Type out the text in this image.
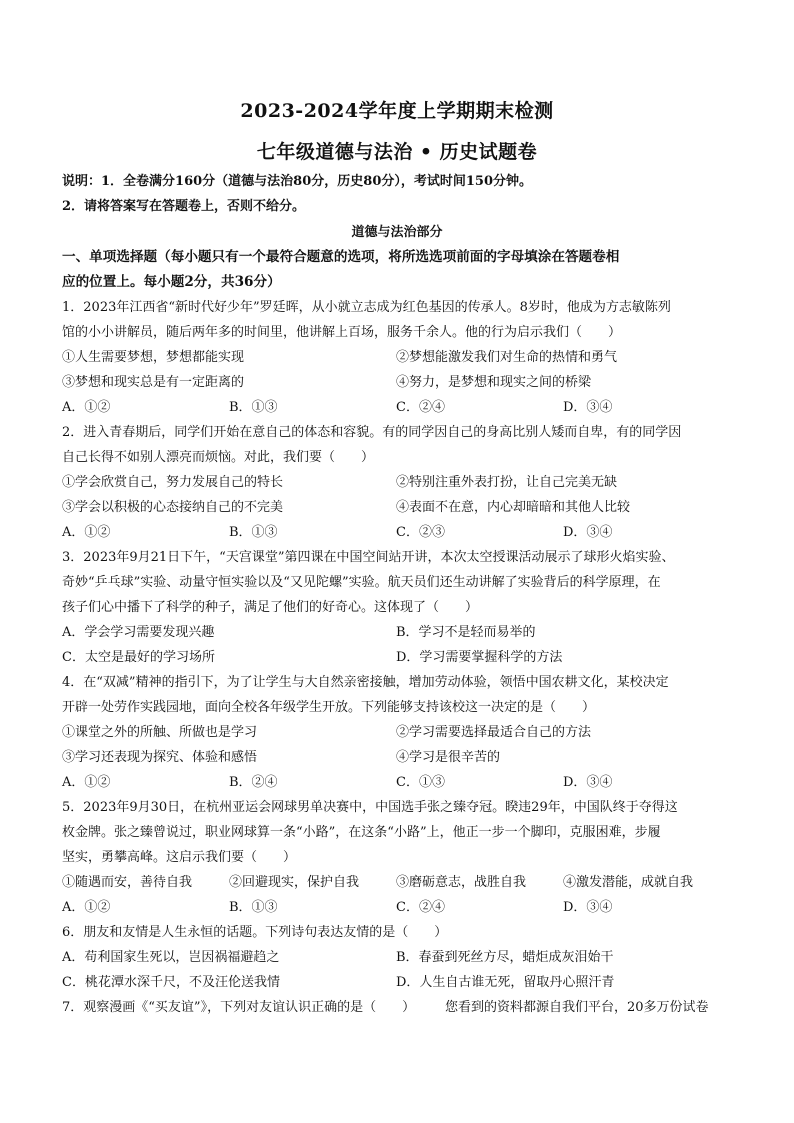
2023-2024学年度上学期期末检测
七年级道德与法治 • 历史试题卷
说明：1．全卷满分160分（道德与法治80分，历史80分），考试时间150分钟。
2．请将答案写在答题卷上，否则不给分。
道德与法治部分
一、单项选择题（每小题只有一个最符合题意的选项，将所选选项前面的字母填涂在答题卷相
应的位置上。每小题2分，共36分）
1．2023年江西省“新时代好少年”罗廷晖，从小就立志成为红色基因的传承人。8岁时，他成为方志敏陈列
馆的小小讲解员，随后两年多的时间里，他讲解上百场，服务千余人。他的行为启示我们（　　）
①人生需要梦想，梦想都能实现	②梦想能激发我们对生命的热情和勇气
③梦想和现实总是有一定距离的	④努力，是梦想和现实之间的桥梁
A．①②	B．①③	C．②④	D．③④
2．进入青春期后，同学们开始在意自己的体态和容貌。有的同学因自己的身高比别人矮而自卑，有的同学因
自己长得不如别人漂亮而烦恼。对此，我们要（　　）
①学会欣赏自己，努力发展自己的特长	②特别注重外表打扮，让自己完美无缺
③学会以积极的心态接纳自己的不完美	④表面不在意，内心却暗暗和其他人比较
A．①②	B．①③	C．②③	D．③④
3．2023年9月21日下午，“天宫课堂”第四课在中国空间站开讲，本次太空授课活动展示了球形火焰实验、
奇妙“乒乓球”实验、动量守恒实验以及“又见陀螺”实验。航天员们还生动讲解了实验背后的科学原理，在
孩子们心中播下了科学的种子，满足了他们的好奇心。这体现了（　　）
A．学会学习需要发现兴趣	B．学习不是轻而易举的
C．太空是最好的学习场所	D．学习需要掌握科学的方法
4．在“双减”精神的指引下，为了让学生与大自然亲密接触，增加劳动体验，领悟中国农耕文化，某校决定
开辟一处劳作实践园地，面向全校各年级学生开放。下列能够支持该校这一决定的是（　　）
①课堂之外的所触、所做也是学习	②学习需要选择最适合自己的方法
③学习还表现为探究、体验和感悟	④学习是很辛苦的
A．①②	B．②④	C．①③	D．③④
5．2023年9月30日，在杭州亚运会网球男单决赛中，中国选手张之臻夺冠。睽违29年，中国队终于夺得这
枚金牌。张之臻曾说过，职业网球算一条“小路”，在这条“小路”上，他正一步一个脚印，克服困难，步履
坚实，勇攀高峰。这启示我们要（　　）
①随遇而安，善待自我	②回避现实，保护自我	③磨砺意志，战胜自我	④激发潜能，成就自我
A．①②	B．①③	C．②④	D．③④
6．朋友和友情是人生永恒的话题。下列诗句表达友情的是（　　）
A．苟利国家生死以，岂因祸福避趋之	B．春蚕到死丝方尽，蜡炬成灰泪始干
C．桃花潭水深千尺，不及汪伦送我情	D．人生自古谁无死，留取丹心照汗青
7．观察漫画《“买友谊”》，下列对友谊认识正确的是（　　） 您看到的资料都源自我们平台，20多万份试卷
